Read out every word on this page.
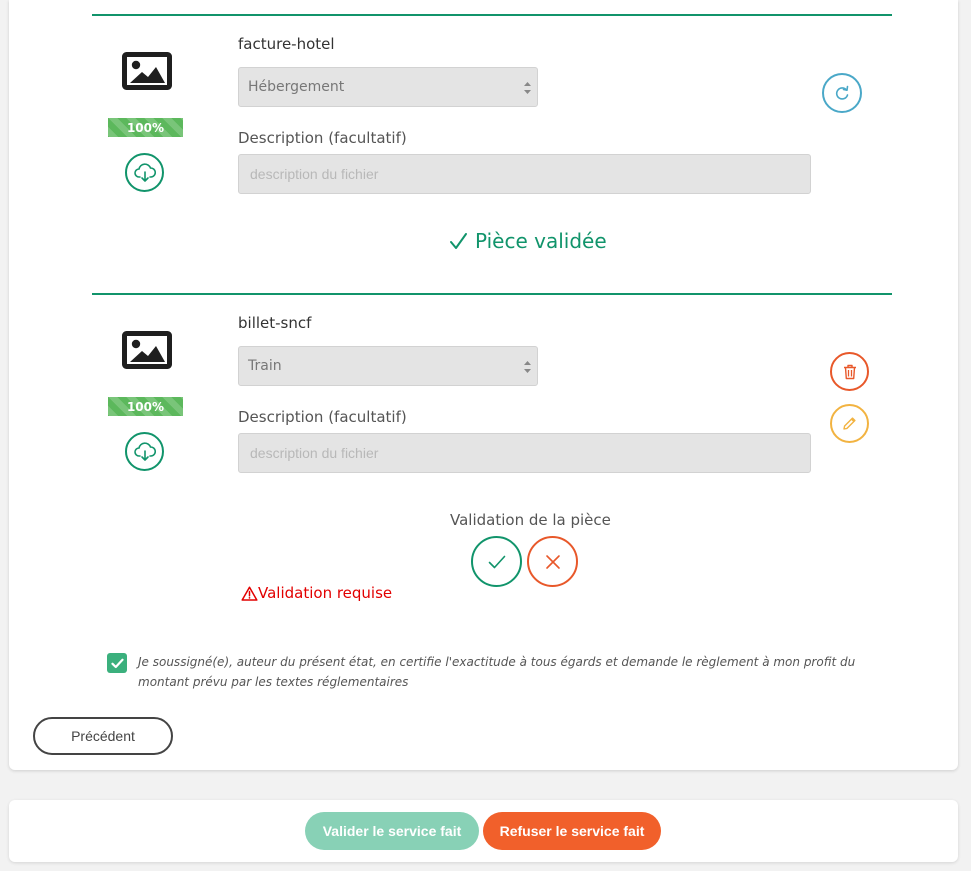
100%
facture-hotel
Hébergement
Description (facultatif)
description du fichier
Pièce validée
100%
billet-sncf
Train
Description (facultatif)
description du fichier
Validation de la pièce
Validation requise
Je soussigné(e), auteur du présent état, en certifie l'exactitude à tous égards et demande le règlement à mon profit du montant prévu par les textes réglementaires
Précédent
Valider le service fait	Refuser le service fait
